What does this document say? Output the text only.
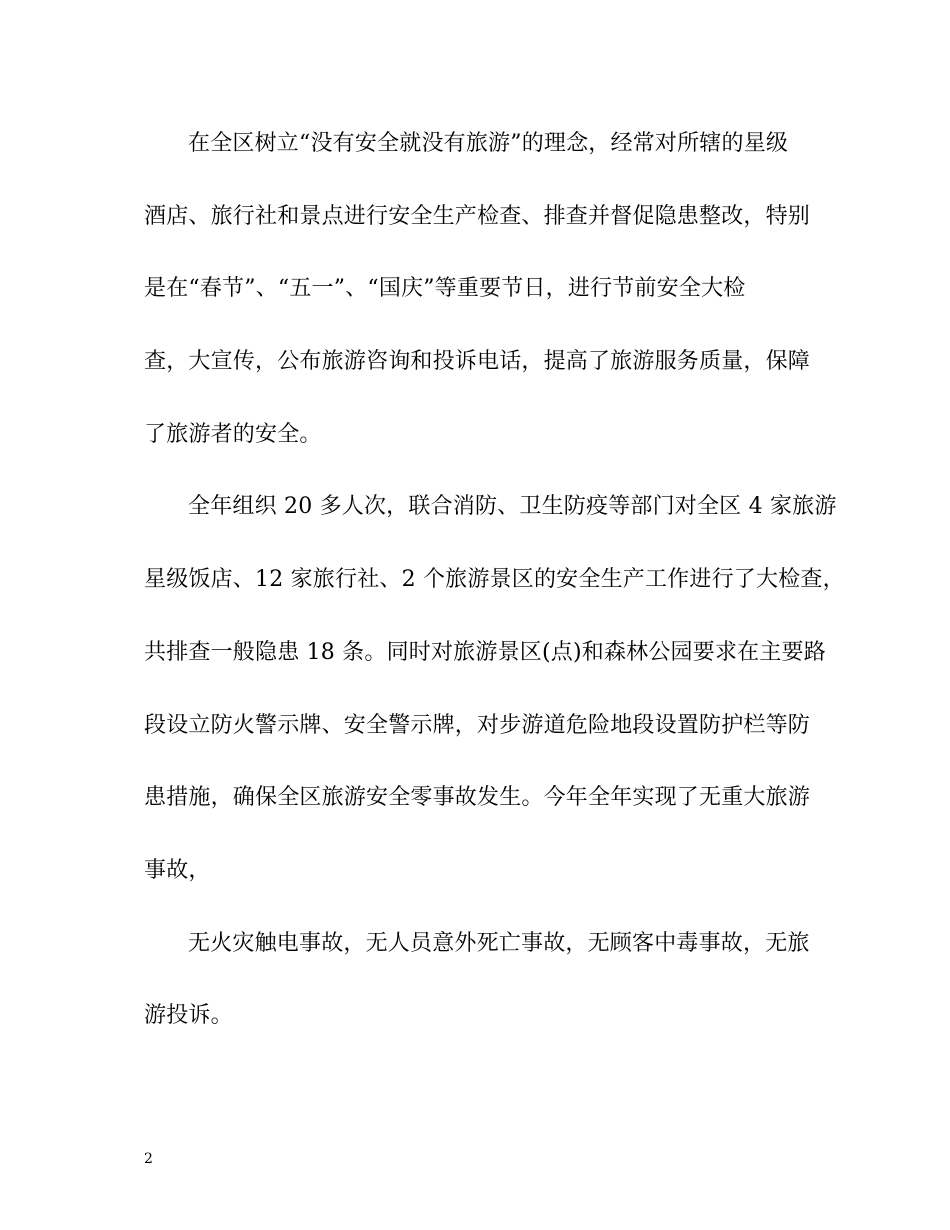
在全区树立“没有安全就没有旅游”的理念，经常对所辖的星级
酒店、旅行社和景点进行安全生产检查、排查并督促隐患整改，特别
是在“春节”、“五一”、“国庆”等重要节日，进行节前安全大检
查，大宣传，公布旅游咨询和投诉电话，提高了旅游服务质量，保障
了旅游者的安全。
全年组织 20 多人次，联合消防、卫生防疫等部门对全区 4 家旅游
星级饭店、12 家旅行社、2 个旅游景区的安全生产工作进行了大检查，
共排查一般隐患 18 条。同时对旅游景区(点)和森林公园要求在主要路
段设立防火警示牌、安全警示牌，对步游道危险地段设置防护栏等防
患措施，确保全区旅游安全零事故发生。今年全年实现了无重大旅游
事故，
无火灾触电事故，无人员意外死亡事故，无顾客中毒事故，无旅
游投诉。
2
